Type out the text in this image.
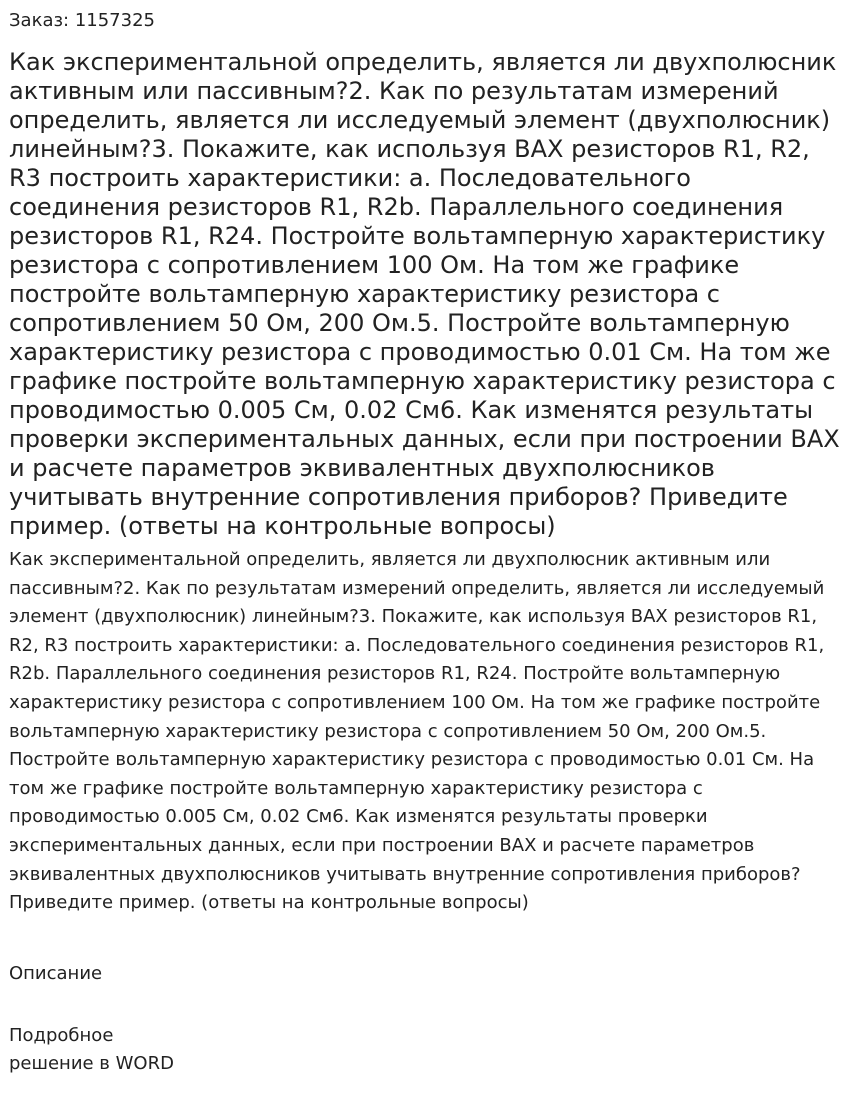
Заказ: 1157325
Как экспериментальной определить, является ли двухполюсник активным или пассивным?2. Как по результатам измерений определить, является ли исследуемый элемент (двухполюсник) линейным?3. Покажите, как используя ВАХ резисторов R1, R2, R3 построить характеристики: а. Последовательного соединения резисторов R1, R2b. Параллельного соединения резисторов R1, R24. Постройте вольтамперную характеристику резистора с сопротивлением 100 Ом. На том же графике постройте вольтамперную характеристику резистора с сопротивлением 50 Ом, 200 Ом.5. Постройте вольтамперную характеристику резистора с проводимостью 0.01 См. На том же графике постройте вольтамперную характеристику резистора с проводимостью 0.005 См, 0.02 См6. Как изменятся результаты проверки экспериментальных данных, если при построении ВАХ и расчете параметров эквивалентных двухполюсников учитывать внутренние сопротивления приборов? Приведите пример. (ответы на контрольные вопросы)

Как экспериментальной определить, является ли двухполюсник активным или пассивным?2. Как по результатам измерений определить, является ли исследуемый элемент (двухполюсник) линейным?3. Покажите, как используя ВАХ резисторов R1, R2, R3 построить характеристики: а. Последовательного соединения резисторов R1, R2b. Параллельного соединения резисторов R1, R24. Постройте вольтамперную характеристику резистора с сопротивлением 100 Ом. На том же графике постройте вольтамперную характеристику резистора с сопротивлением 50 Ом, 200 Ом.5. Постройте вольтамперную характеристику резистора с проводимостью 0.01 См. На том же графике постройте вольтамперную характеристику резистора с проводимостью 0.005 См, 0.02 См6. Как изменятся результаты проверки экспериментальных данных, если при построении ВАХ и расчете параметров эквивалентных двухполюсников учитывать внутренние сопротивления приборов? Приведите пример. (ответы на контрольные вопросы)

Описание
Подробное
решение в WORD
